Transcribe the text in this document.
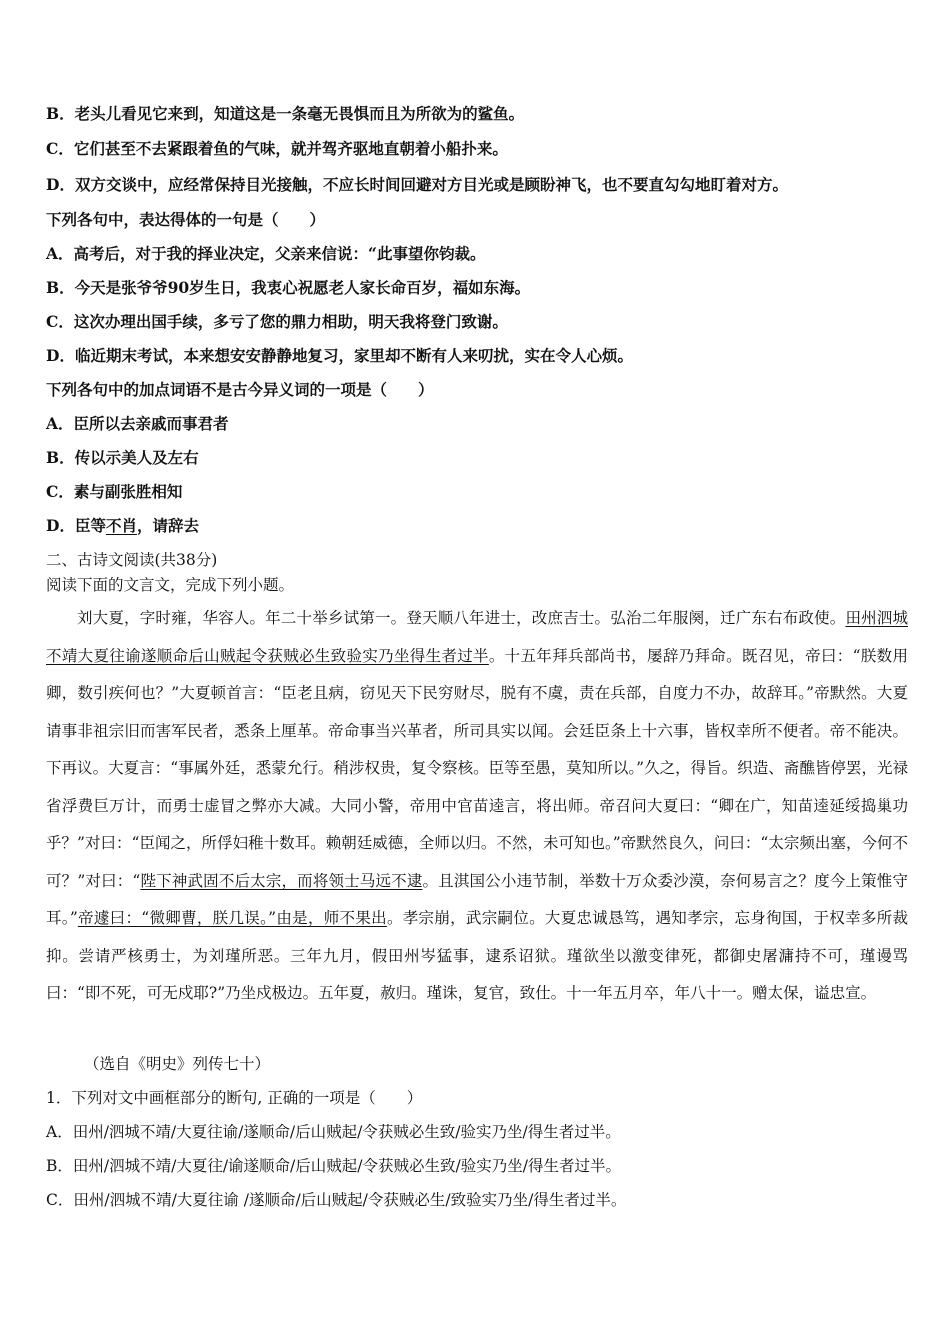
B．老头儿看见它来到，知道这是一条毫无畏惧而且为所欲为的鲨鱼。
C．它们甚至不去紧跟着鱼的气味，就并驾齐驱地直朝着小船扑来。
D．双方交谈中，应经常保持目光接触，不应长时间回避对方目光或是顾盼神飞，也不要直勾勾地盯着对方。
下列各句中，表达得体的一句是（　　）
A．高考后，对于我的择业决定，父亲来信说：“此事望你钧裁。
B．今天是张爷爷90岁生日，我衷心祝愿老人家长命百岁，福如东海。
C．这次办理出国手续，多亏了您的鼎力相助，明天我将登门致谢。
D．临近期末考试，本来想安安静静地复习，家里却不断有人来叨扰，实在令人心烦。
下列各句中的加点词语不是古今异义词的一项是（　　）
A．臣所以去亲戚而事君者
B．传以示美人及左右
C．素与副张胜相知
D．臣等不肖，请辞去
二、古诗文阅读(共38分)
阅读下面的文言文，完成下列小题。
刘大夏，字时雍，华容人。年二十举乡试第一。登天顺八年进士，改庶吉士。弘治二年服阕，迁广东右布政使。田州泗城不靖大夏往谕遂顺命后山贼起令获贼必生致验实乃坐得生者过半。十五年拜兵部尚书，屡辞乃拜命。既召见，帝曰：“朕数用卿，数引疾何也？”大夏顿首言：“臣老且病，窃见天下民穷财尽，脱有不虞，责在兵部，自度力不办，故辞耳。”帝默然。大夏请事非祖宗旧而害军民者，悉条上厘革。帝命事当兴革者，所司具实以闻。会廷臣条上十六事，皆权幸所不便者。帝不能决。下再议。大夏言：“事属外廷，悉蒙允行。稍涉权贵，复令察核。臣等至愚，莫知所以。”久之，得旨。织造、斋醮皆停罢，光禄省浮费巨万计，而勇士虚冒之弊亦大减。大同小警，帝用中官苗逵言，将出师。帝召问大夏曰：“卿在广，知苗逵延绥捣巢功乎？”对曰：“臣闻之，所俘妇稚十数耳。赖朝廷威德，全师以归。不然，未可知也。”帝默然良久，问曰：“太宗频出塞，今何不可？”对曰：“陛下神武固不后太宗，而将领士马远不逮。且淇国公小违节制，举数十万众委沙漠，奈何易言之？度今上策惟守耳。”帝遽曰：“微卿曹，朕几误。”由是，师不果出。孝宗崩，武宗嗣位。大夏忠诚恳笃，遇知孝宗，忘身徇国，于权幸多所裁抑。尝请严核勇士，为刘瑾所恶。三年九月，假田州岑猛事，逮系诏狱。瑾欲坐以激变律死，都御史屠滽持不可，瑾谩骂曰：“即不死，可无戍耶?”乃坐戍极边。五年夏，赦归。瑾诛，复官，致仕。十一年五月卒，年八十一。赠太保，谥忠宣。
（选自《明史》列传七十）
1．下列对文中画框部分的断句, 正确的一项是（　　）
A．田州/泗城不靖/大夏往谕/遂顺命/后山贼起/令获贼必生致/验实乃坐/得生者过半。
B．田州/泗城不靖/大夏往/谕遂顺命/后山贼起/令获贼必生致/验实乃坐/得生者过半。
C．田州/泗城不靖/大夏往谕 /遂顺命/后山贼起/令获贼必生/致验实乃坐/得生者过半。
